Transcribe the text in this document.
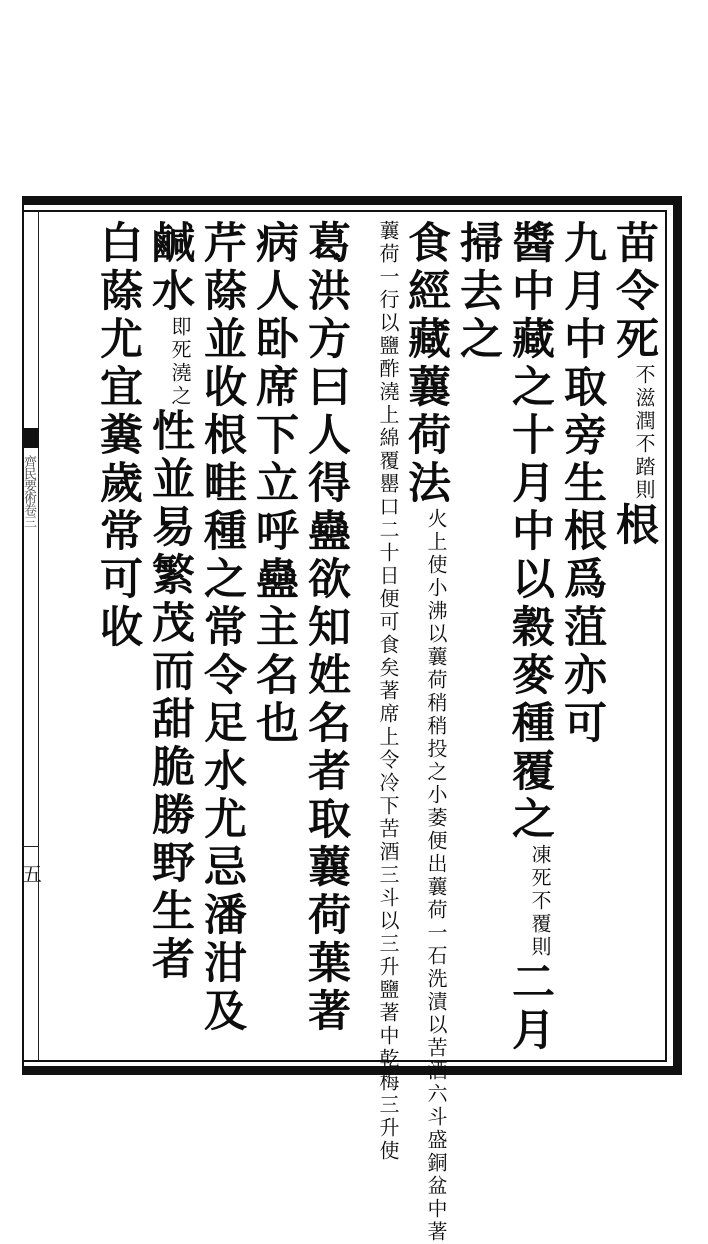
齊民要術卷三
五
苗令死
不踏則
不滋潤
根
九月中取旁生根爲菹亦可
醬中藏之十月中以穀麥種覆之
不覆則
凍死
二月
掃去之
食經藏蘘荷法
蘘荷一石洗漬以苦酒六斗盛銅盆中著
火上使小沸以蘘荷稍稍投之小萎便出
著席上令冷下苦酒三斗以三升鹽著中乾梅三升使
蘘荷一行以鹽酢澆上綿覆罌口二十日便可食矣
葛洪方曰人得蠱欲知姓名者取蘘荷葉著
病人卧席下立呼蠱主名也
芹蒢並收根畦種之常令足水尤忌潘泔及
鹹水
澆之
即死
性並易繁茂而甜脆勝野生者
白蒢尤宜糞歲常可收
